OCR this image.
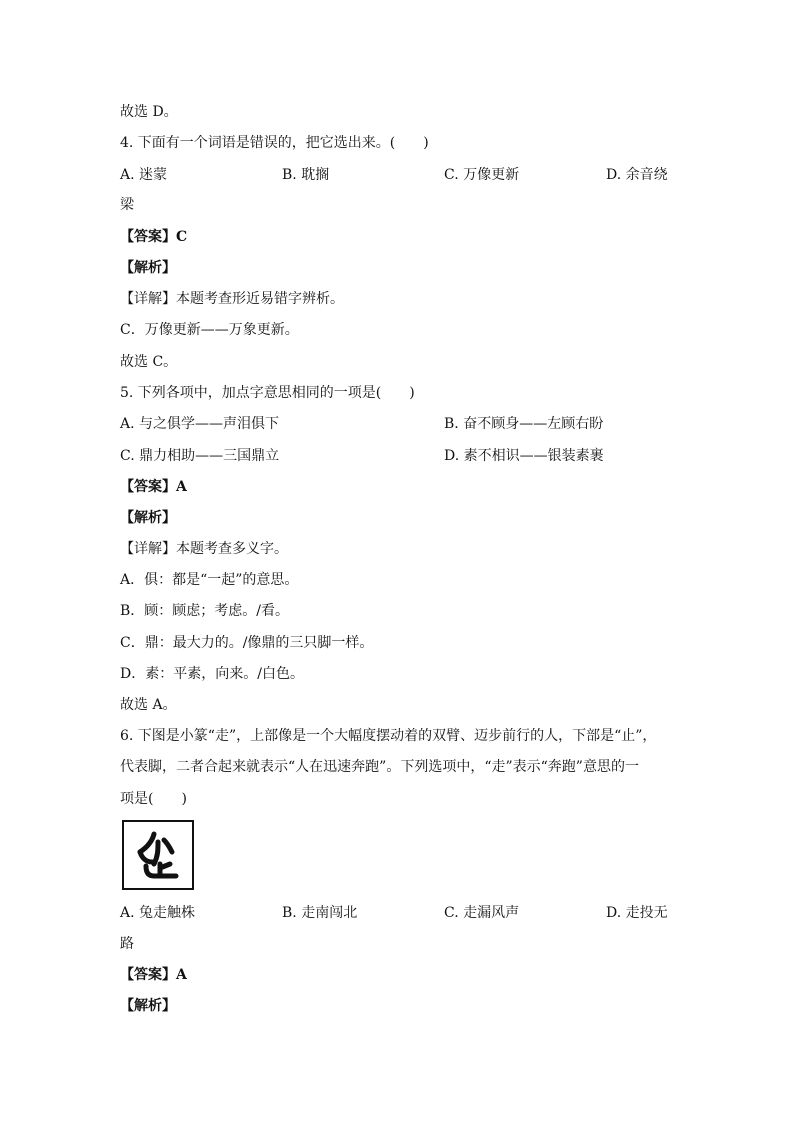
故选 D。
4. 下面有一个词语是错误的，把它选出来。(　　)
A. 迷蒙	B. 耽搁	C. 万像更新	D. 余音绕
梁
【答案】C
【解析】
【详解】本题考查形近易错字辨析。
C．万像更新——万象更新。
故选 C。
5. 下列各项中，加点字意思相同的一项是(　　)
A. 与之俱学——声泪俱下	B. 奋不顾身——左顾右盼
C. 鼎力相助——三国鼎立	D. 素不相识——银装素裹
【答案】A
【解析】
【详解】本题考查多义字。
A．俱：都是“一起”的意思。
B．顾：顾虑；考虑。/看。
C．鼎：最大力的。/像鼎的三只脚一样。
D．素：平素，向来。/白色。
故选 A。
6. 下图是小篆“走”，上部像是一个大幅度摆动着的双臂、迈步前行的人，下部是“止”，
代表脚，二者合起来就表示“人在迅速奔跑”。下列选项中，“走”表示“奔跑”意思的一
项是(　　)
A. 兔走触株	B. 走南闯北	C. 走漏风声	D. 走投无
路
【答案】A
【解析】
